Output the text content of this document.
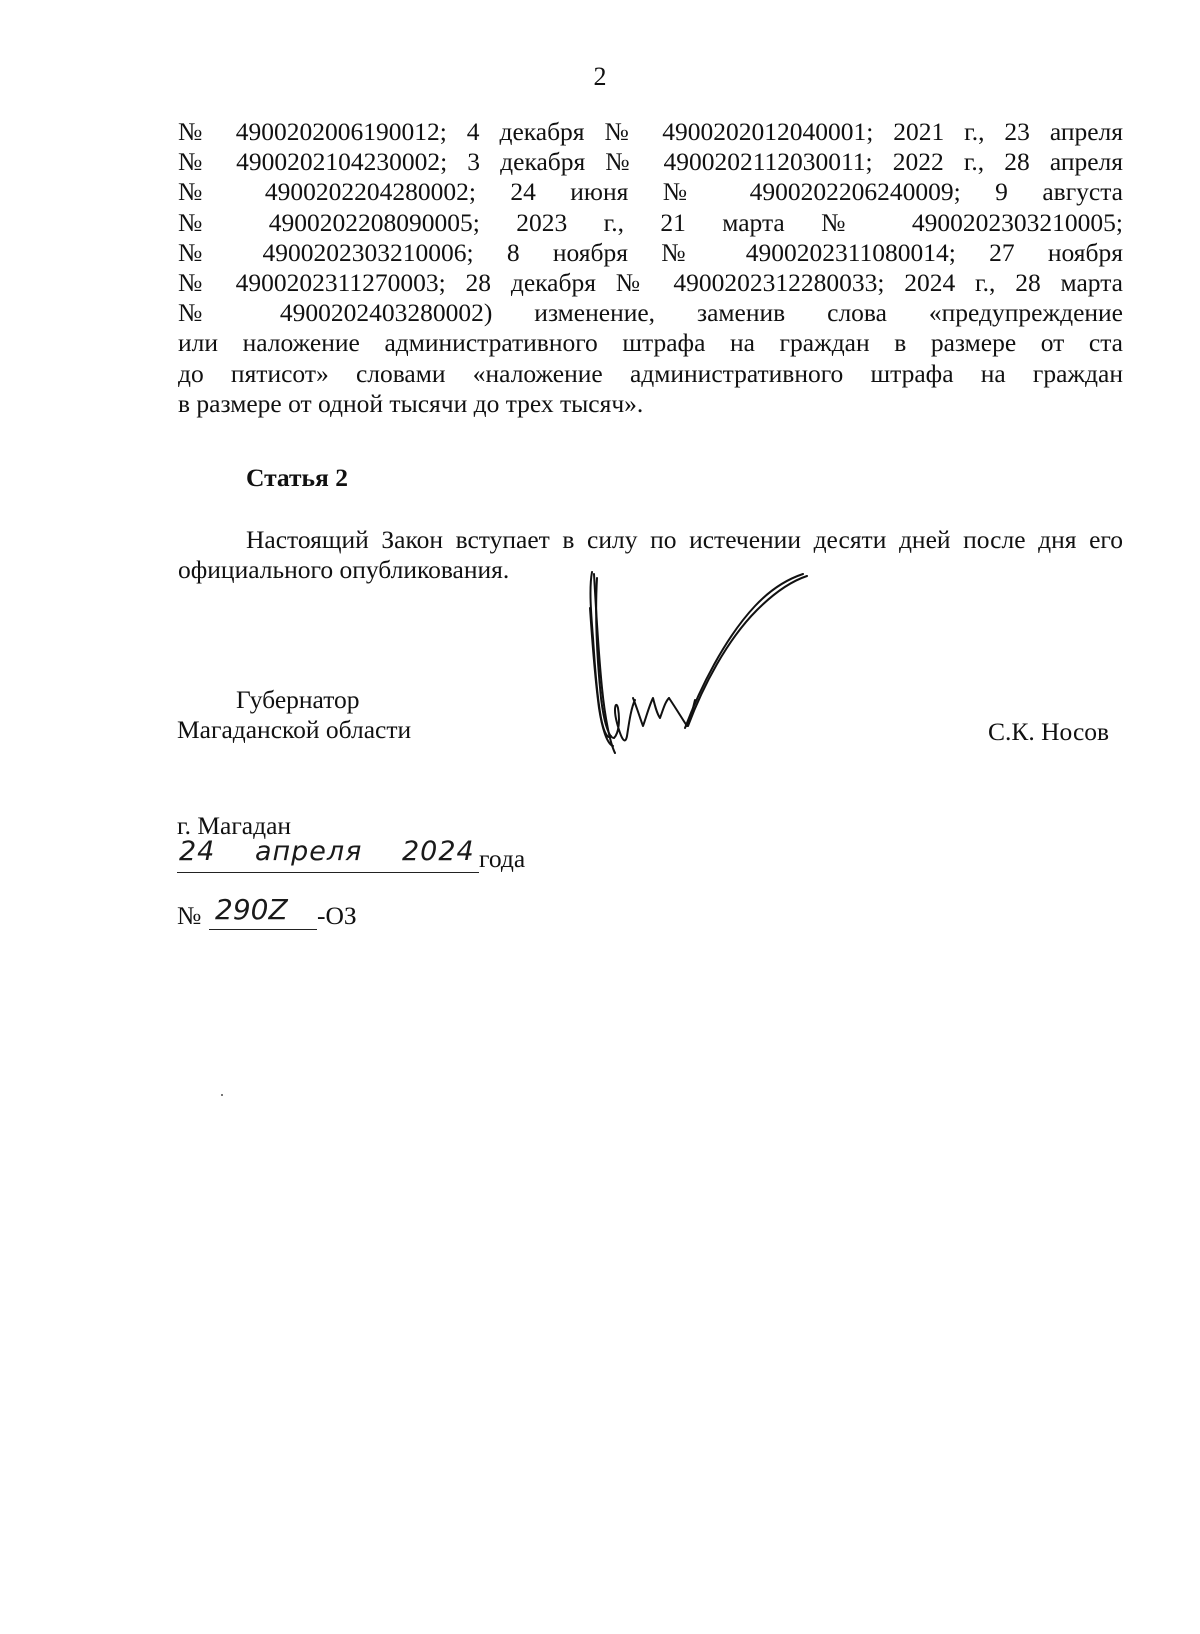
2
№ 4900202006190012; 4 декабря № 4900202012040001; 2021 г., 23 апреля
№ 4900202104230002; 3 декабря № 4900202112030011; 2022 г., 28 апреля
№ 4900202204280002; 24 июня № 4900202206240009; 9 августа
№ 4900202208090005; 2023 г., 21 марта № 4900202303210005;
№ 4900202303210006; 8 ноября № 4900202311080014; 27 ноября
№ 4900202311270003; 28 декабря № 4900202312280033; 2024 г., 28 марта
№ 4900202403280002) изменение, заменив слова «предупреждение
или наложение административного штрафа на граждан в размере от ста
до пятисот» словами «наложение административного штрафа на граждан
в размере от одной тысячи до трех тысяч».
Статья 2
Настоящий Закон вступает в силу по истечении десяти дней после дня его
официального опубликования.
Губернатор
Магаданской области	С.К. Носов
г. Магадан
24 апреля 2024 года
№ 290Z -ОЗ
